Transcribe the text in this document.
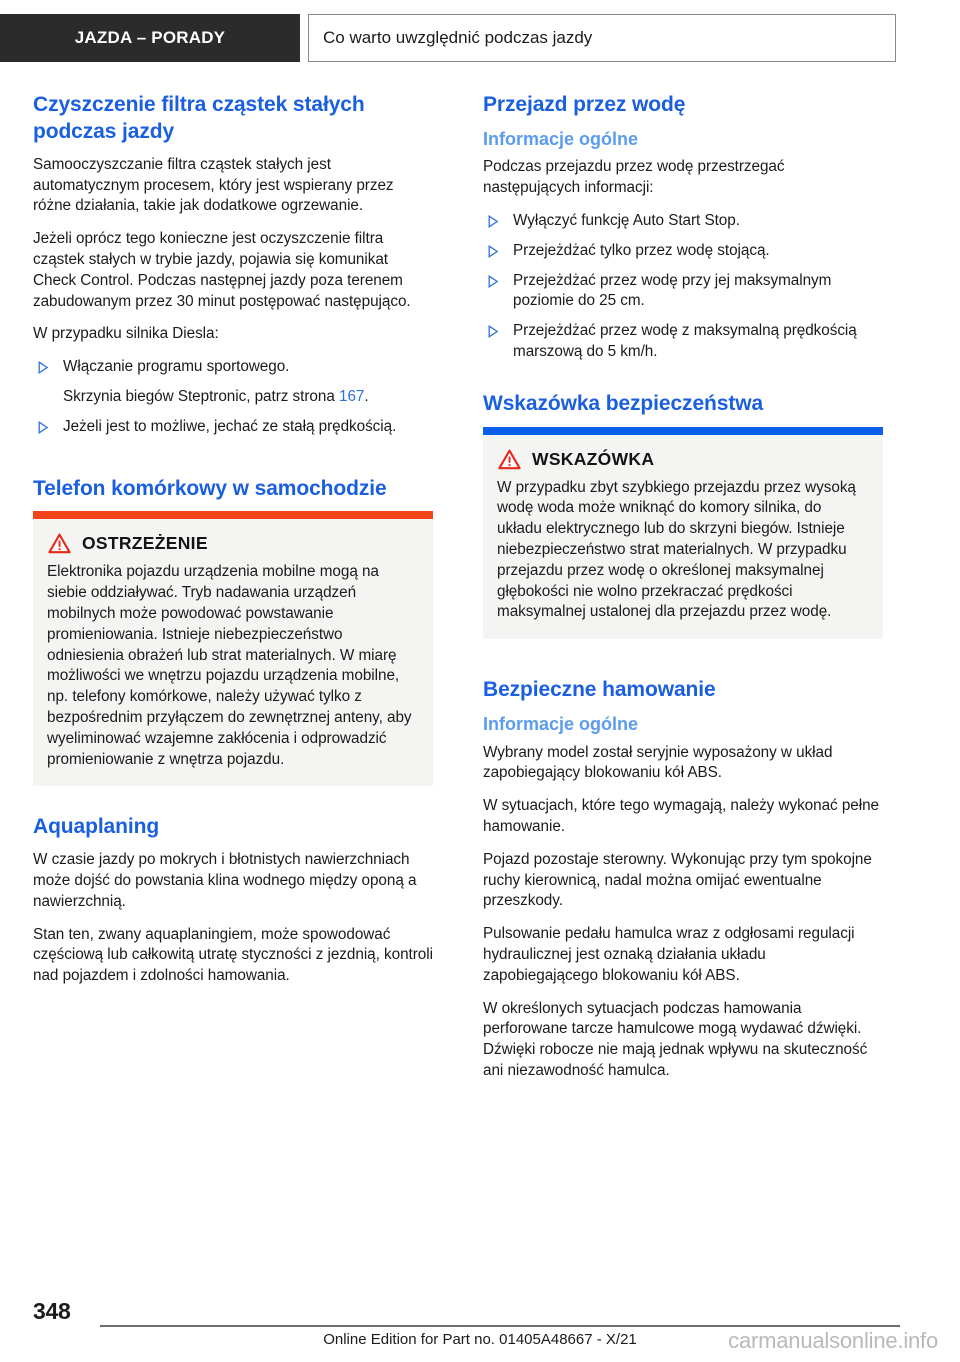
JAZDA – PORADY	Co warto uwzględnić podczas jazdy
Czyszczenie filtra cząstek stałych podczas jazdy

Samooczyszczanie filtra cząstek stałych jest automatycznym procesem, który jest wspierany przez różne działania, takie jak dodatkowe ogrzewanie.

Jeżeli oprócz tego konieczne jest oczyszczenie filtra cząstek stałych w trybie jazdy, pojawia się komunikat Check Control. Podczas następnej jazdy poza terenem zabudowanym przez 30 minut postępować następująco.

W przypadku silnika Diesla:

Włączanie programu sportowego.
Skrzynia biegów Steptronic, patrz strona 167.
Jeżeli jest to możliwe, jechać ze stałą prędkością.
Telefon komórkowy w samochodzie
OSTRZEŻENIE

Elektronika pojazdu urządzenia mobilne mogą na siebie oddziaływać. Tryb nadawania urządzeń mobilnych może powodować powstawanie promieniowania. Istnieje niebezpieczeństwo odniesienia obrażeń lub strat materialnych. W miarę możliwości we wnętrzu pojazdu urządzenia mobilne, np. telefony komórkowe, należy używać tylko z bezpośrednim przyłączem do zewnętrznej anteny, aby wyeliminować wzajemne zakłócenia i odprowadzić promieniowanie z wnętrza pojazdu.

Aquaplaning

W czasie jazdy po mokrych i błotnistych nawierzchniach może dojść do powstania klina wodnego między oponą a nawierzchnią.

Stan ten, zwany aquaplaningiem, może spowodować częściową lub całkowitą utratę styczności z jezdnią, kontroli nad pojazdem i zdolności hamowania.

Przejazd przez wodę
Informacje ogólne

Podczas przejazdu przez wodę przestrzegać następujących informacji:

Wyłączyć funkcję Auto Start Stop.
Przejeżdżać tylko przez wodę stojącą.
Przejeżdżać przez wodę przy jej maksymalnym poziomie do 25 cm.
Przejeżdżać przez wodę z maksymalną prędkością marszową do 5 km/h.
Wskazówka bezpieczeństwa
WSKAZÓWKA

W przypadku zbyt szybkiego przejazdu przez wysoką wodę woda może wniknąć do komory silnika, do układu elektrycznego lub do skrzyni biegów. Istnieje niebezpieczeństwo strat materialnych. W przypadku przejazdu przez wodę o określonej maksymalnej głębokości nie wolno przekraczać prędkości maksymalnej ustalonej dla przejazdu przez wodę.

Bezpieczne hamowanie
Informacje ogólne

Wybrany model został seryjnie wyposażony w układ zapobiegający blokowaniu kół ABS.

W sytuacjach, które tego wymagają, należy wykonać pełne hamowanie.

Pojazd pozostaje sterowny. Wykonując przy tym spokojne ruchy kierownicą, nadal można omijać ewentualne przeszkody.

Pulsowanie pedału hamulca wraz z odgłosami regulacji hydraulicznej jest oznaką działania układu zapobiegającego blokowaniu kół ABS.

W określonych sytuacjach podczas hamowania perforowane tarcze hamulcowe mogą wydawać dźwięki. Dźwięki robocze nie mają jednak wpływu na skuteczność ani niezawodność hamulca.

348
Online Edition for Part no. 01405A48667 - X/21	carmanualsonline.info
